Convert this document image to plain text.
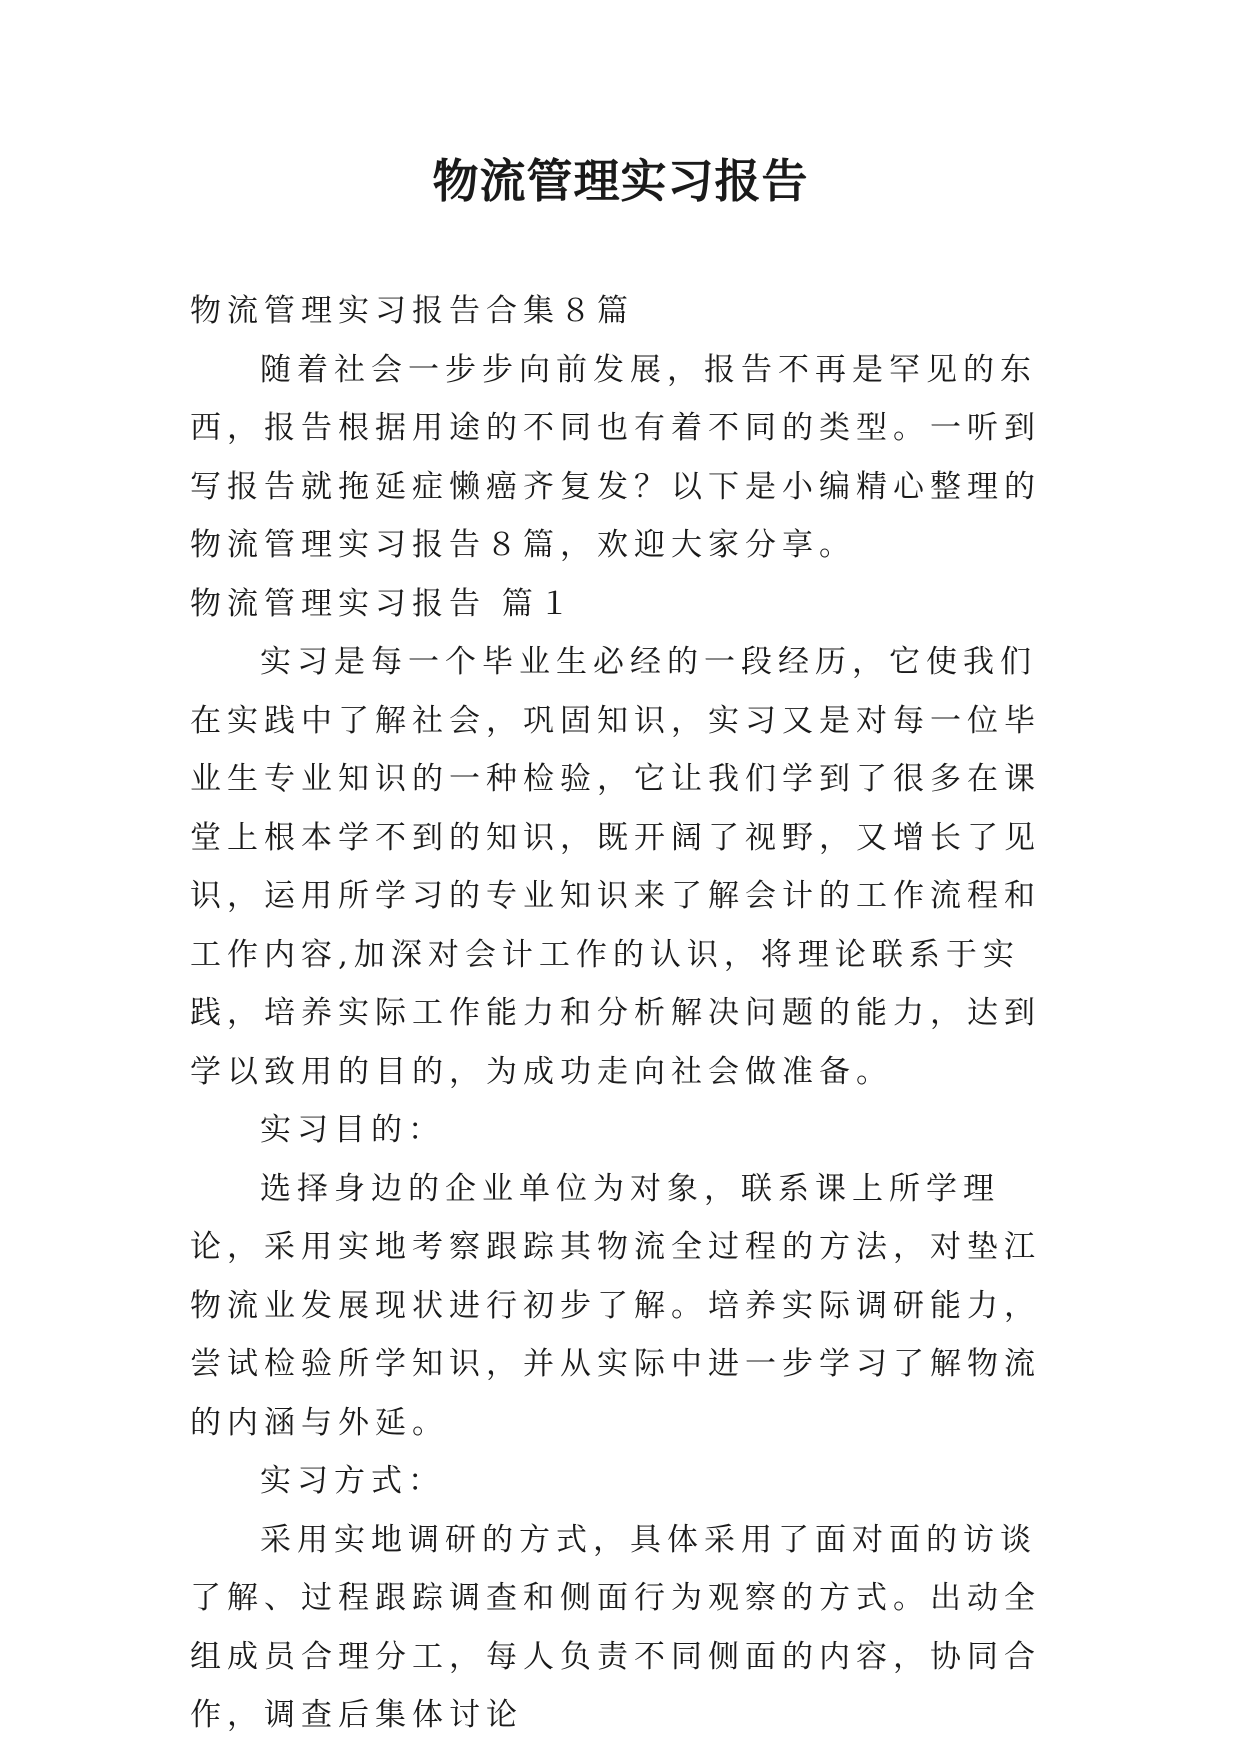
物流管理实习报告

物流管理实习报告合集８篇

随着社会一步步向前发展，报告不再是罕见的东西，报告根据用途的不同也有着不同的类型。一听到写报告就拖延症懒癌齐复发？以下是小编精心整理的物流管理实习报告８篇，欢迎大家分享。

物流管理实习报告 篇１

实习是每一个毕业生必经的一段经历，它使我们在实践中了解社会，巩固知识，实习又是对每一位毕业生专业知识的一种检验，它让我们学到了很多在课堂上根本学不到的知识，既开阔了视野，又增长了见识，运用所学习的专业知识来了解会计的工作流程和工作内容,加深对会计工作的认识，将理论联系于实践，培养实际工作能力和分析解决问题的能力，达到学以致用的目的，为成功走向社会做准备。

实习目的：

选择身边的企业单位为对象，联系课上所学理论，采用实地考察跟踪其物流全过程的方法，对垫江物流业发展现状进行初步了解。培养实际调研能力，尝试检验所学知识，并从实际中进一步学习了解物流的内涵与外延。

实习方式：

采用实地调研的方式，具体采用了面对面的访谈了解、过程跟踪调查和侧面行为观察的方式。出动全组成员合理分工，每人负责不同侧面的内容，协同合作，调查后集体讨论
